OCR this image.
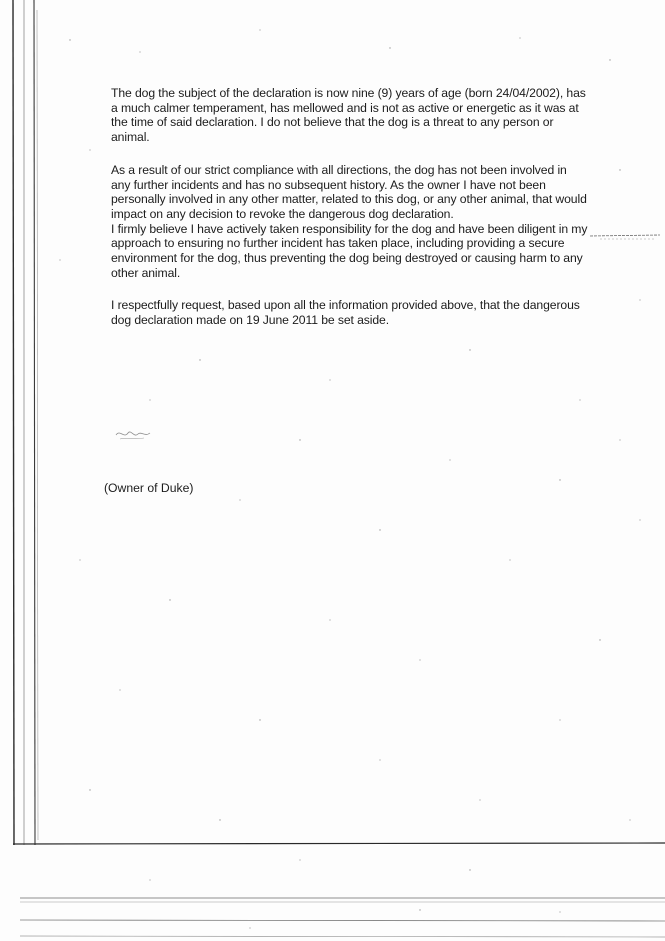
The dog the subject of the declaration is now nine (9) years of age (born 24/04/2002), has a much calmer temperament, has mellowed and is not as active or energetic as it was at the time of said declaration. I do not believe that the dog is a threat to any person or animal.

As a result of our strict compliance with all directions, the dog has not been involved in any further incidents and has no subsequent history. As the owner I have not been personally involved in any other matter, related to this dog, or any other animal, that would impact on any decision to revoke the dangerous dog declaration.

I firmly believe I have actively taken responsibility for the dog and have been diligent in my approach to ensuring no further incident has taken place, including providing a secure environment for the dog, thus preventing the dog being destroyed or causing harm to any other animal.

I respectfully request, based upon all the information provided above, that the dangerous dog declaration made on 19 June 2011 be set aside.

(Owner of Duke)
